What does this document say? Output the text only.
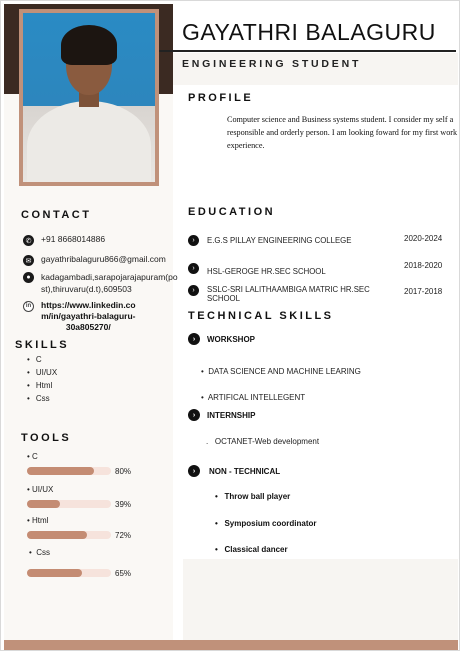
GAYATHRI BALAGURU
ENGINEERING STUDENT
PROFILE
Computer science and Business systems student. I consider my self a responsible and orderly person. I am looking foward for my first work experience.
CONTACT
✆	+91 8668014886
✉	gayathribalaguru866@gmail.com
●	kadagambadi,sarapojarajapuram(po
st),thiruvaru(d.t),609503
in	https://www.linkedin.co
m/in/gayathri-balaguru-
30a805270/
SKILLS
• C
• UI/UX
• Html
• Css
TOOLS
• C
80%
• UI/UX
39%
• Html
72%
•  Css
65%
EDUCATION
›	E.G.S PILLAY ENGINEERING COLLEGE	2020-2024
›	HSL-GEROGE HR.SEC SCHOOL
2018-2020
›	SSLC-SRI LALITHAAMBIGA MATRIC HR.SEC SCHOOL
2017-2018
TECHNICAL SKILLS
›	WORKSHOP
•  DATA SCIENCE AND MACHINE LEARING
•  ARTIFICAL INTELLEGENT
›	INTERNSHIP
.   OCTANET-Web development
›	NON - TECHNICAL
•   Throw ball player
•   Symposium coordinator
•   Classical dancer
